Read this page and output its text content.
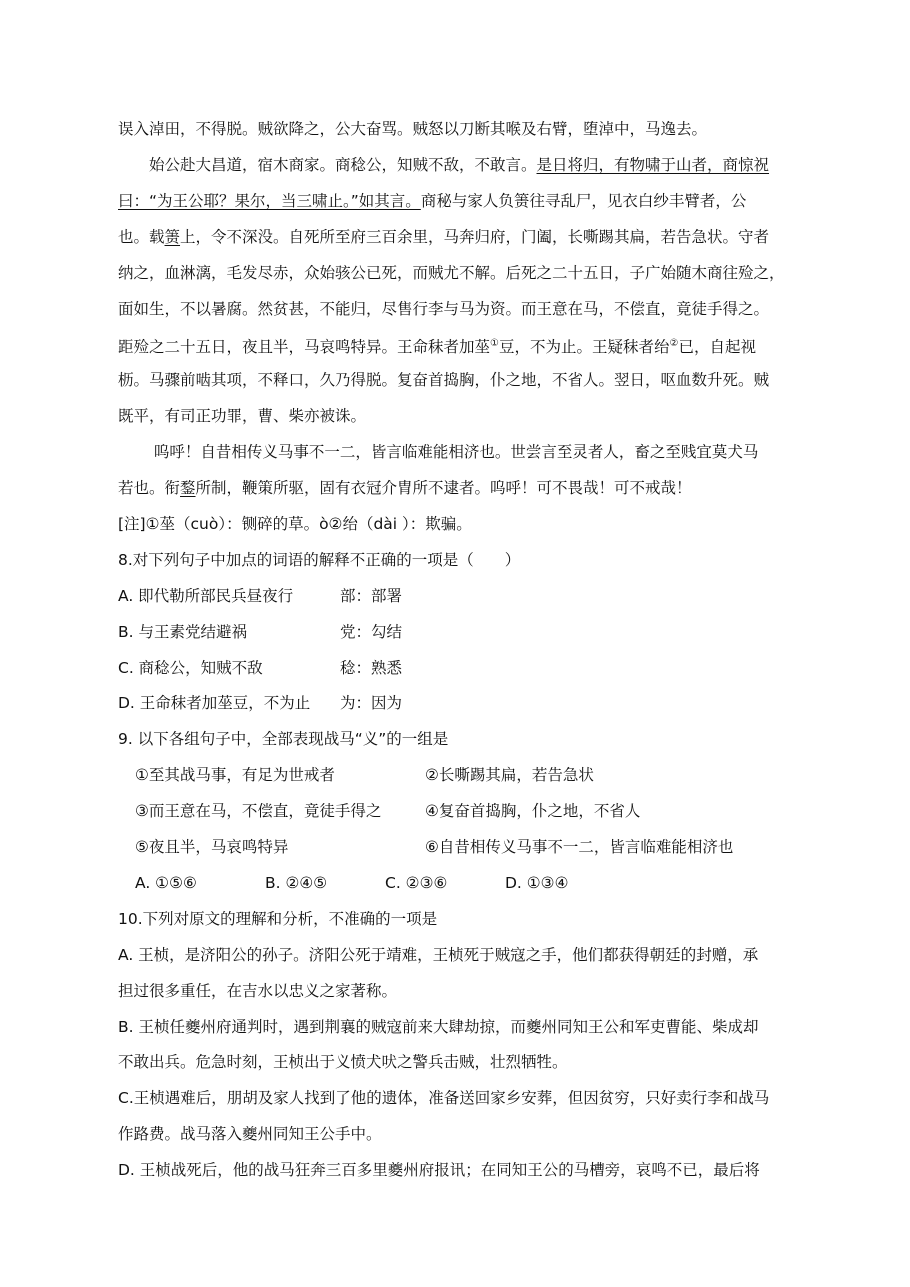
误入淖田，不得脱。贼欲降之，公大奋骂。贼怒以刀断其喉及右臂，堕淖中，马逸去。
　　始公赴大昌道，宿木商家。商稔公，知贼不敌，不敢言。是日将归，有物啸于山者，商惊祝
曰：“为王公耶？果尔，当三啸止。”如其言。商秘与家人负箦往寻乱尸，见衣白纱丰臂者，公
也。载箦上，令不深没。自死所至府三百余里，马奔归府，门阖，长嘶踢其扁，若告急状。守者
纳之，血淋漓，毛发尽赤，众始骇公已死，而贼尤不解。后死之二十五日，子广始随木商往殓之，
面如生，不以暑腐。然贫甚，不能归，尽售行李与马为资。而王意在马，不偿直，竟徒手得之。
距殓之二十五日，夜且半，马哀鸣特异。王命秣者加莝①豆，不为止。王疑秣者绐②已，自起视
枥。马骤前啮其项，不释口，久乃得脱。复奋首捣胸，仆之地，不省人。翌日，呕血数升死。贼
既平，有司正功罪，曹、柴亦被诛。
　　 呜呼！自昔相传义马事不一二，皆言临难能相济也。世尝言至灵者人，畜之至贱宜莫犬马
若也。衔鍪所制，鞭策所驱，固有衣冠介胄所不逮者。呜呼！可不畏哉！可不戒哉！
[注]①莝（cuò）：铡碎的草。ò②绐（dài ）：欺骗。
8.对下列句子中加点的词语的解释不正确的一项是（　　）
A. 即代勒所部民兵昼夜行	部：部署
B. 与王素党结避祸	党：勾结
C. 商稔公，知贼不敌	稔：熟悉
D. 王命秣者加莝豆，不为止 为：因为
9. 以下各组句子中，全部表现战马“义”的一组是
①至其战马事，有足为世戒者	②长嘶踢其扁，若告急状
③而王意在马，不偿直，竟徒手得之	④复奋首捣胸，仆之地，不省人
⑤夜且半，马哀鸣特异	⑥自昔相传义马事不一二，皆言临难能相济也
A. ①⑤⑥	B. ②④⑤	C. ②③⑥	D. ①③④
10.下列对原文的理解和分析，不准确的一项是
A. 王桢，是济阳公的孙子。济阳公死于靖难，王桢死于贼寇之手，他们都获得朝廷的封赠，承
担过很多重任，在吉水以忠义之家著称。
B. 王桢任夔州府通判时，遇到荆襄的贼寇前来大肆劫掠，而夔州同知王公和军吏曹能、柴成却
不敢出兵。危急时刻，王桢出于义愤犬吠之警兵击贼，壮烈牺牲。
C.王桢遇难后，朋胡及家人找到了他的遗体，准备送回家乡安葬，但因贫穷，只好卖行李和战马
作路费。战马落入夔州同知王公手中。
D. 王桢战死后，他的战马狂奔三百多里夔州府报讯；在同知王公的马槽旁，哀鸣不已，最后将
